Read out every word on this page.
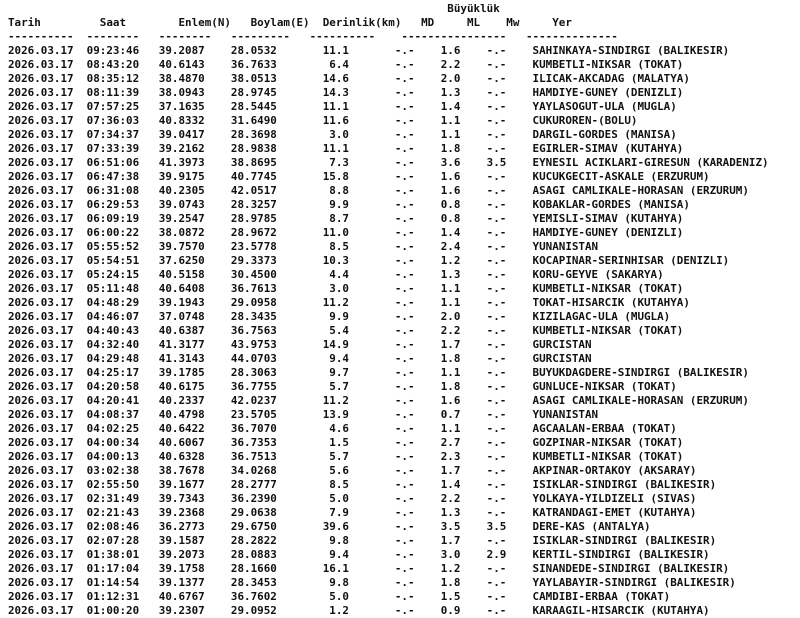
Büyüklük
Tarih         Saat        Enlem(N)   Boylam(E)  Derinlik(km)   MD     ML    Mw     Yer
----------  --------   --------   ---------   ----------    ----------------   --------------
2026.03.17  09:23:46   39.2087    28.0532       11.1       -.-    1.6    -.-    SAHINKAYA-SINDIRGI (BALIKESIR)
2026.03.17  08:43:20   40.6143    36.7633        6.4       -.-    2.2    -.-    KUMBETLI-NIKSAR (TOKAT)
2026.03.17  08:35:12   38.4870    38.0513       14.6       -.-    2.0    -.-    ILICAK-AKCADAG (MALATYA)
2026.03.17  08:11:39   38.0943    28.9745       14.3       -.-    1.3    -.-    HAMDIYE-GUNEY (DENIZLI)
2026.03.17  07:57:25   37.1635    28.5445       11.1       -.-    1.4    -.-    YAYLASOGUT-ULA (MUGLA)
2026.03.17  07:36:03   40.8332    31.6490       11.6       -.-    1.1    -.-    CUKUROREN-(BOLU)
2026.03.17  07:34:37   39.0417    28.3698        3.0       -.-    1.1    -.-    DARGIL-GORDES (MANISA)
2026.03.17  07:33:39   39.2162    28.9838       11.1       -.-    1.8    -.-    EGIRLER-SIMAV (KUTAHYA)
2026.03.17  06:51:06   41.3973    38.8695        7.3       -.-    3.6    3.5    EYNESIL ACIKLARI-GIRESUN (KARADENIZ)
2026.03.17  06:47:38   39.9175    40.7745       15.8       -.-    1.6    -.-    KUCUKGECIT-ASKALE (ERZURUM)
2026.03.17  06:31:08   40.2305    42.0517        8.8       -.-    1.6    -.-    ASAGI CAMLIKALE-HORASAN (ERZURUM)
2026.03.17  06:29:53   39.0743    28.3257        9.9       -.-    0.8    -.-    KOBAKLAR-GORDES (MANISA)
2026.03.17  06:09:19   39.2547    28.9785        8.7       -.-    0.8    -.-    YEMISLI-SIMAV (KUTAHYA)
2026.03.17  06:00:22   38.0872    28.9672       11.0       -.-    1.4    -.-    HAMDIYE-GUNEY (DENIZLI)
2026.03.17  05:55:52   39.7570    23.5778        8.5       -.-    2.4    -.-    YUNANISTAN
2026.03.17  05:54:51   37.6250    29.3373       10.3       -.-    1.2    -.-    KOCAPINAR-SERINHISAR (DENIZLI)
2026.03.17  05:24:15   40.5158    30.4500        4.4       -.-    1.3    -.-    KORU-GEYVE (SAKARYA)
2026.03.17  05:11:48   40.6408    36.7613        3.0       -.-    1.1    -.-    KUMBETLI-NIKSAR (TOKAT)
2026.03.17  04:48:29   39.1943    29.0958       11.2       -.-    1.1    -.-    TOKAT-HISARCIK (KUTAHYA)
2026.03.17  04:46:07   37.0748    28.3435        9.9       -.-    2.0    -.-    KIZILAGAC-ULA (MUGLA)
2026.03.17  04:40:43   40.6387    36.7563        5.4       -.-    2.2    -.-    KUMBETLI-NIKSAR (TOKAT)
2026.03.17  04:32:40   41.3177    43.9753       14.9       -.-    1.7    -.-    GURCISTAN
2026.03.17  04:29:48   41.3143    44.0703        9.4       -.-    1.8    -.-    GURCISTAN
2026.03.17  04:25:17   39.1785    28.3063        9.7       -.-    1.1    -.-    BUYUKDAGDERE-SINDIRGI (BALIKESIR)
2026.03.17  04:20:58   40.6175    36.7755        5.7       -.-    1.8    -.-    GUNLUCE-NIKSAR (TOKAT)
2026.03.17  04:20:41   40.2337    42.0237       11.2       -.-    1.6    -.-    ASAGI CAMLIKALE-HORASAN (ERZURUM)
2026.03.17  04:08:37   40.4798    23.5705       13.9       -.-    0.7    -.-    YUNANISTAN
2026.03.17  04:02:25   40.6422    36.7070        4.6       -.-    1.1    -.-    AGCAALAN-ERBAA (TOKAT)
2026.03.17  04:00:34   40.6067    36.7353        1.5       -.-    2.7    -.-    GOZPINAR-NIKSAR (TOKAT)
2026.03.17  04:00:13   40.6328    36.7513        5.7       -.-    2.3    -.-    KUMBETLI-NIKSAR (TOKAT)
2026.03.17  03:02:38   38.7678    34.0268        5.6       -.-    1.7    -.-    AKPINAR-ORTAKOY (AKSARAY)
2026.03.17  02:55:50   39.1677    28.2777        8.5       -.-    1.4    -.-    ISIKLAR-SINDIRGI (BALIKESIR)
2026.03.17  02:31:49   39.7343    36.2390        5.0       -.-    2.2    -.-    YOLKAYA-YILDIZELI (SIVAS)
2026.03.17  02:21:43   39.2368    29.0638        7.9       -.-    1.3    -.-    KATRANDAGI-EMET (KUTAHYA)
2026.03.17  02:08:46   36.2773    29.6750       39.6       -.-    3.5    3.5    DERE-KAS (ANTALYA)
2026.03.17  02:07:28   39.1587    28.2822        9.8       -.-    1.7    -.-    ISIKLAR-SINDIRGI (BALIKESIR)
2026.03.17  01:38:01   39.2073    28.0883        9.4       -.-    3.0    2.9    KERTIL-SINDIRGI (BALIKESIR)
2026.03.17  01:17:04   39.1758    28.1660       16.1       -.-    1.2    -.-    SINANDEDE-SINDIRGI (BALIKESIR)
2026.03.17  01:14:54   39.1377    28.3453        9.8       -.-    1.8    -.-    YAYLABAYIR-SINDIRGI (BALIKESIR)
2026.03.17  01:12:31   40.6767    36.7602        5.0       -.-    1.5    -.-    CAMDIBI-ERBAA (TOKAT)
2026.03.17  01:00:20   39.2307    29.0952        1.2       -.-    0.9    -.-    KARAAGIL-HISARCIK (KUTAHYA)
